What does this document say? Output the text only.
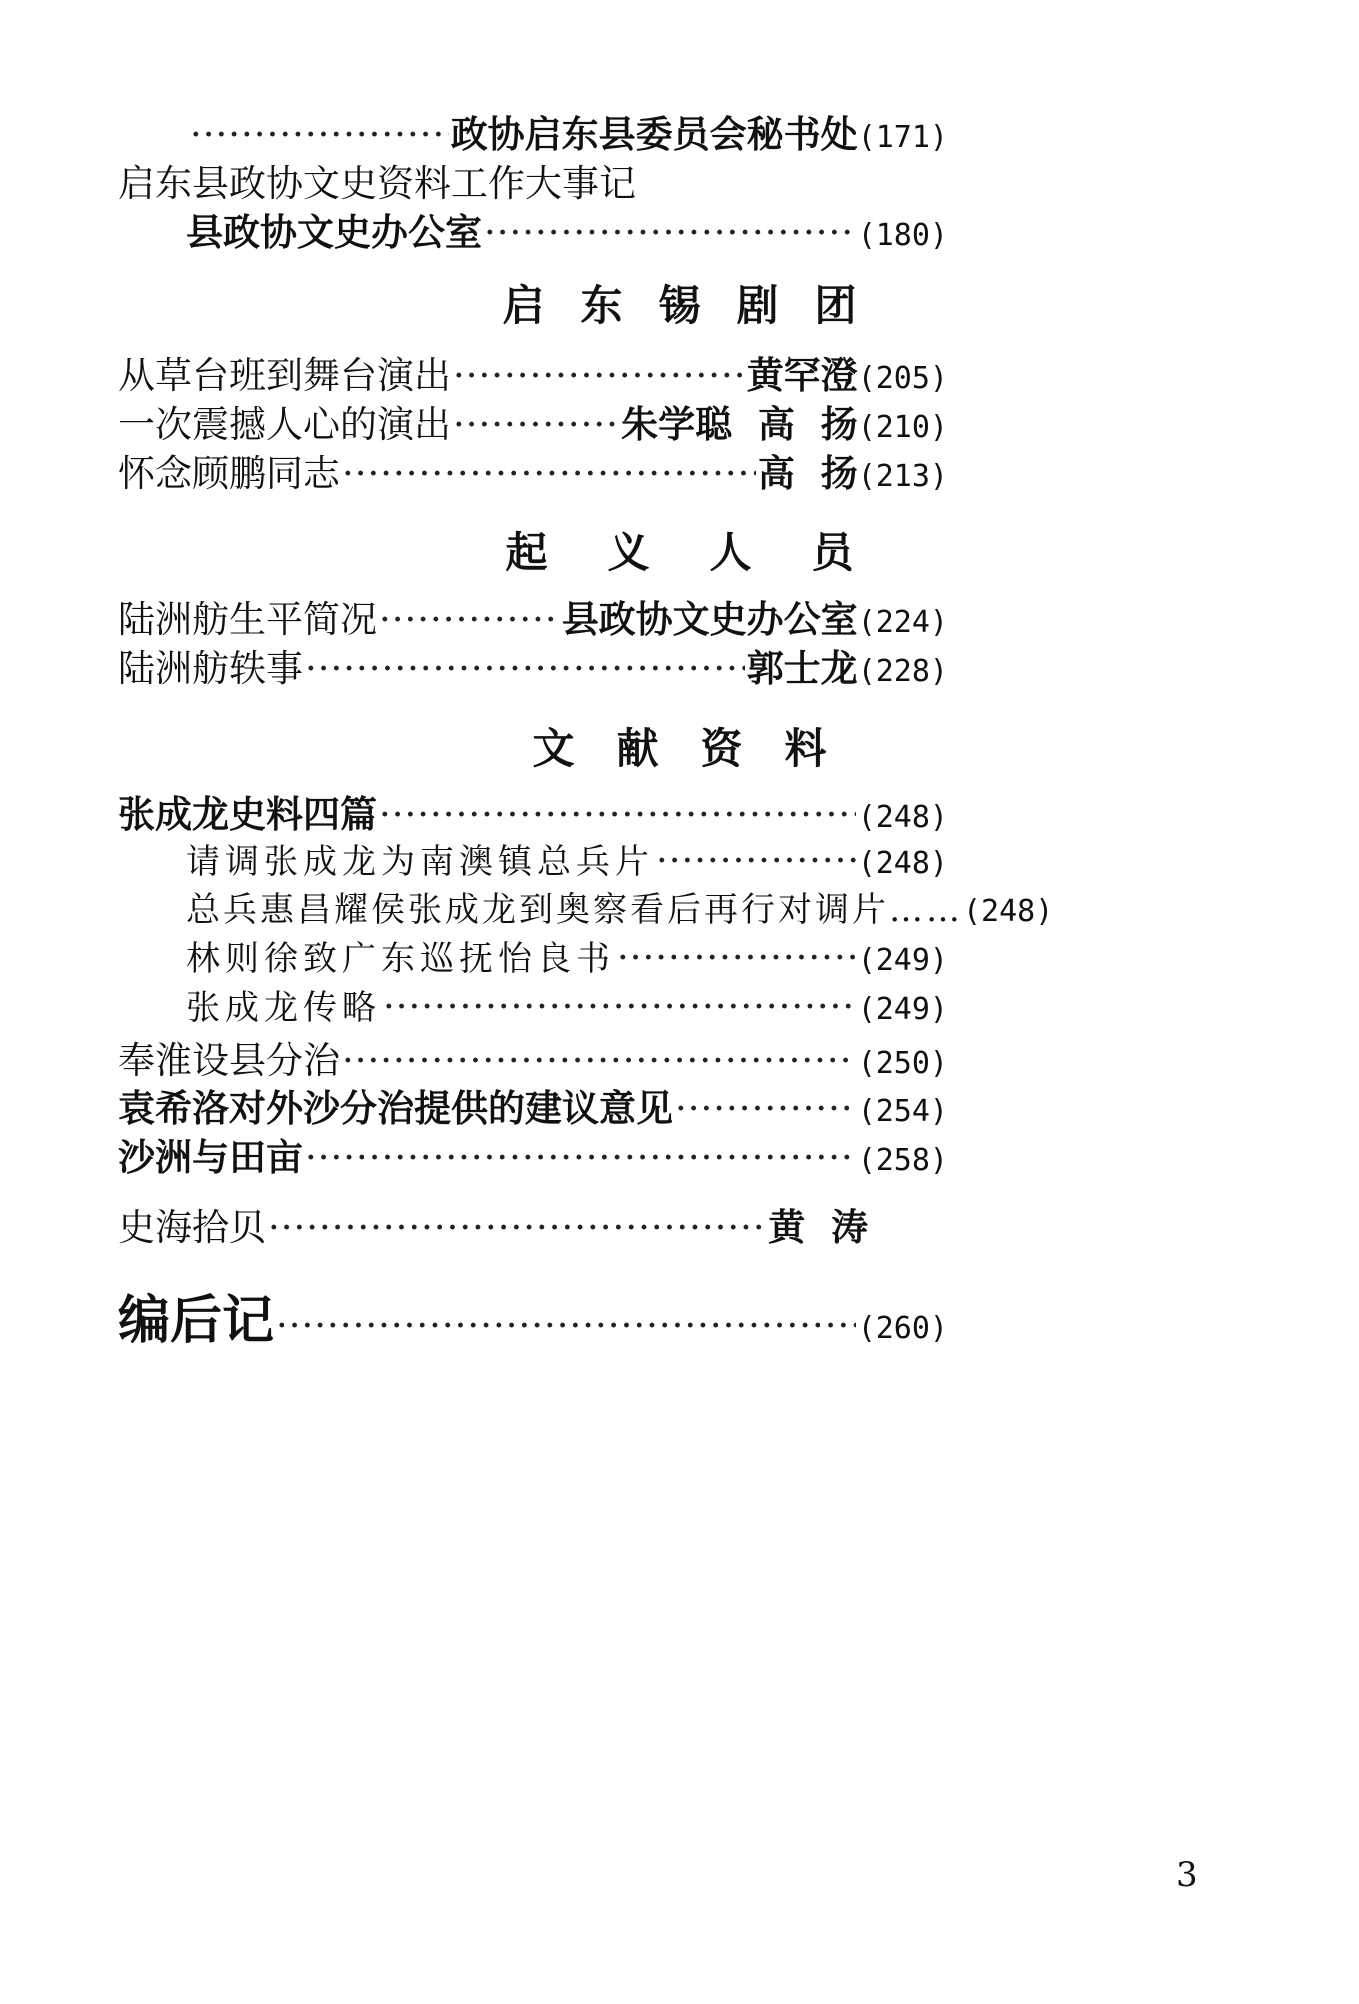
·····
政协启东县委员会秘书处 (171)
启东县政协文史资料工作大事记
县政协文史办公室 ·····	(180)
启东锡剧团
从草台班到舞台演出 ·····	黄罕澄 (205)
一次震撼人心的演出 ·····	朱学聪  高  扬 (210)
怀念顾鹏同志 ·····	高  扬 (213)
起义人员
陆洲舫生平简况 ·····	县政协文史办公室 (224)
陆洲舫轶事 ·····	郭士龙 (228)
文献资料
张成龙史料四篇 ·····	(248)
请调张成龙为南澳镇总兵片 ·····	(248)
总兵惠昌耀侯张成龙到奥察看后再行对调片…… (248)
林则徐致广东巡抚怡良书 ·····	(249)
张成龙传略 ·····	(249)
奉淮设县分治 ·····	(250)
袁希洛对外沙分治提供的建议意见 ·····	(254)
沙洲与田亩 ·····	(258)
史海拾贝 ·····	黄  涛
编后记 ·····	(260)
3
